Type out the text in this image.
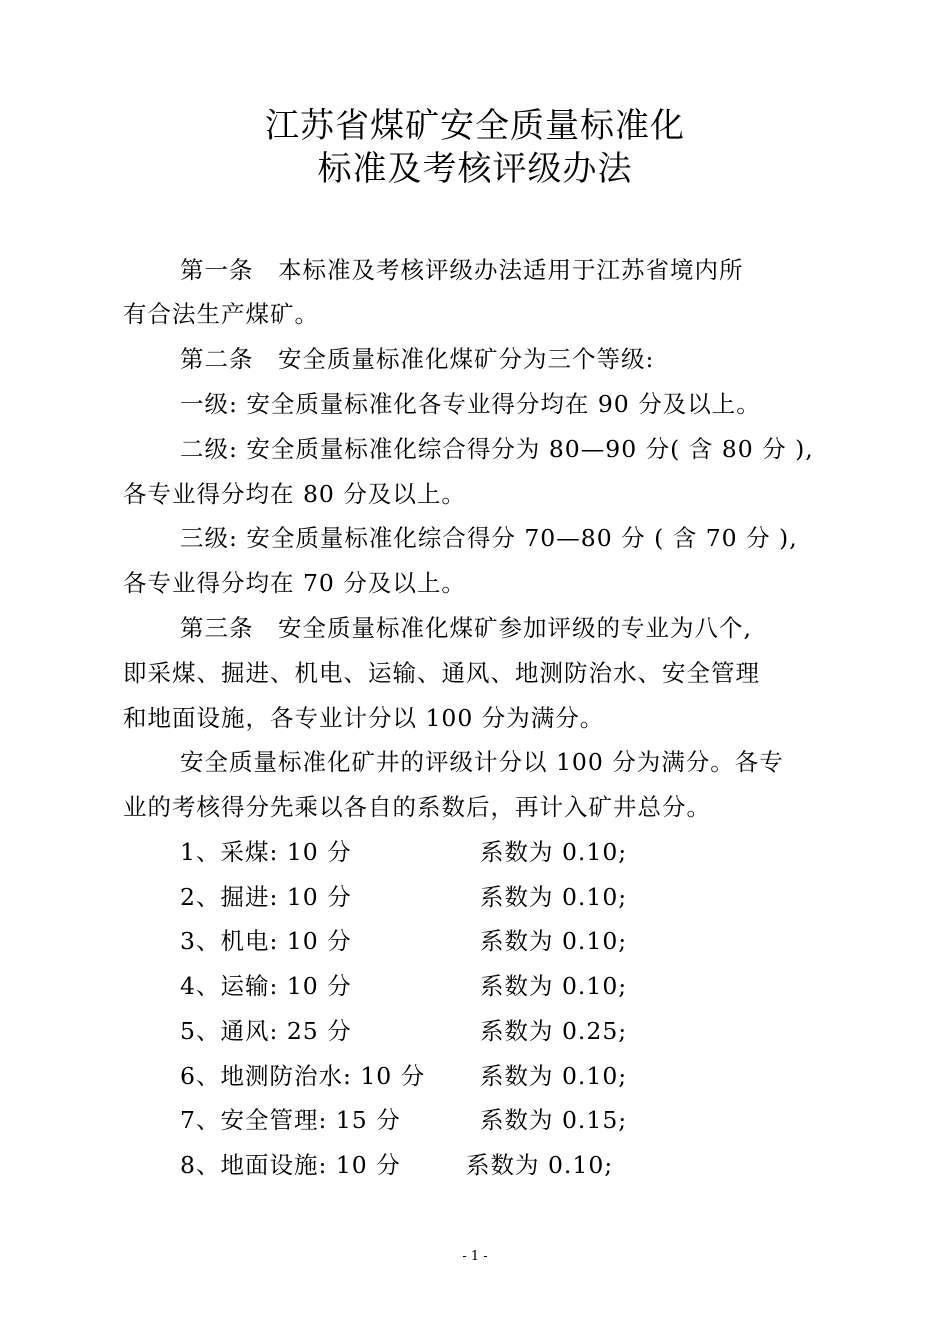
江苏省煤矿安全质量标准化
标准及考核评级办法
第一条　本标准及考核评级办法适用于江苏省境内所
有合法生产煤矿。
第二条　安全质量标准化煤矿分为三个等级:
一级: 安全质量标准化各专业得分均在 90 分及以上。
二级: 安全质量标准化综合得分为 80—90 分( 含 80 分 ),
各专业得分均在 80 分及以上。
三级: 安全质量标准化综合得分 70—80 分 ( 含 70 分 ),
各专业得分均在 70 分及以上。
第三条　安全质量标准化煤矿参加评级的专业为八个,
即采煤、掘进、机电、运输、通风、地测防治水、安全管理
和地面设施，各专业计分以 100 分为满分。
安全质量标准化矿井的评级计分以 100 分为满分。各专
业的考核得分先乘以各自的系数后，再计入矿井总分。
1、采煤: 10 分	系数为 0.10;
2、掘进: 10 分	系数为 0.10;
3、机电: 10 分	系数为 0.10;
4、运输: 10 分	系数为 0.10;
5、通风: 25 分	系数为 0.25;
6、地测防治水: 10 分 系数为 0.10;
7、安全管理: 15 分	系数为 0.15;
8、地面设施: 10 分	系数为 0.10;
- 1 -
